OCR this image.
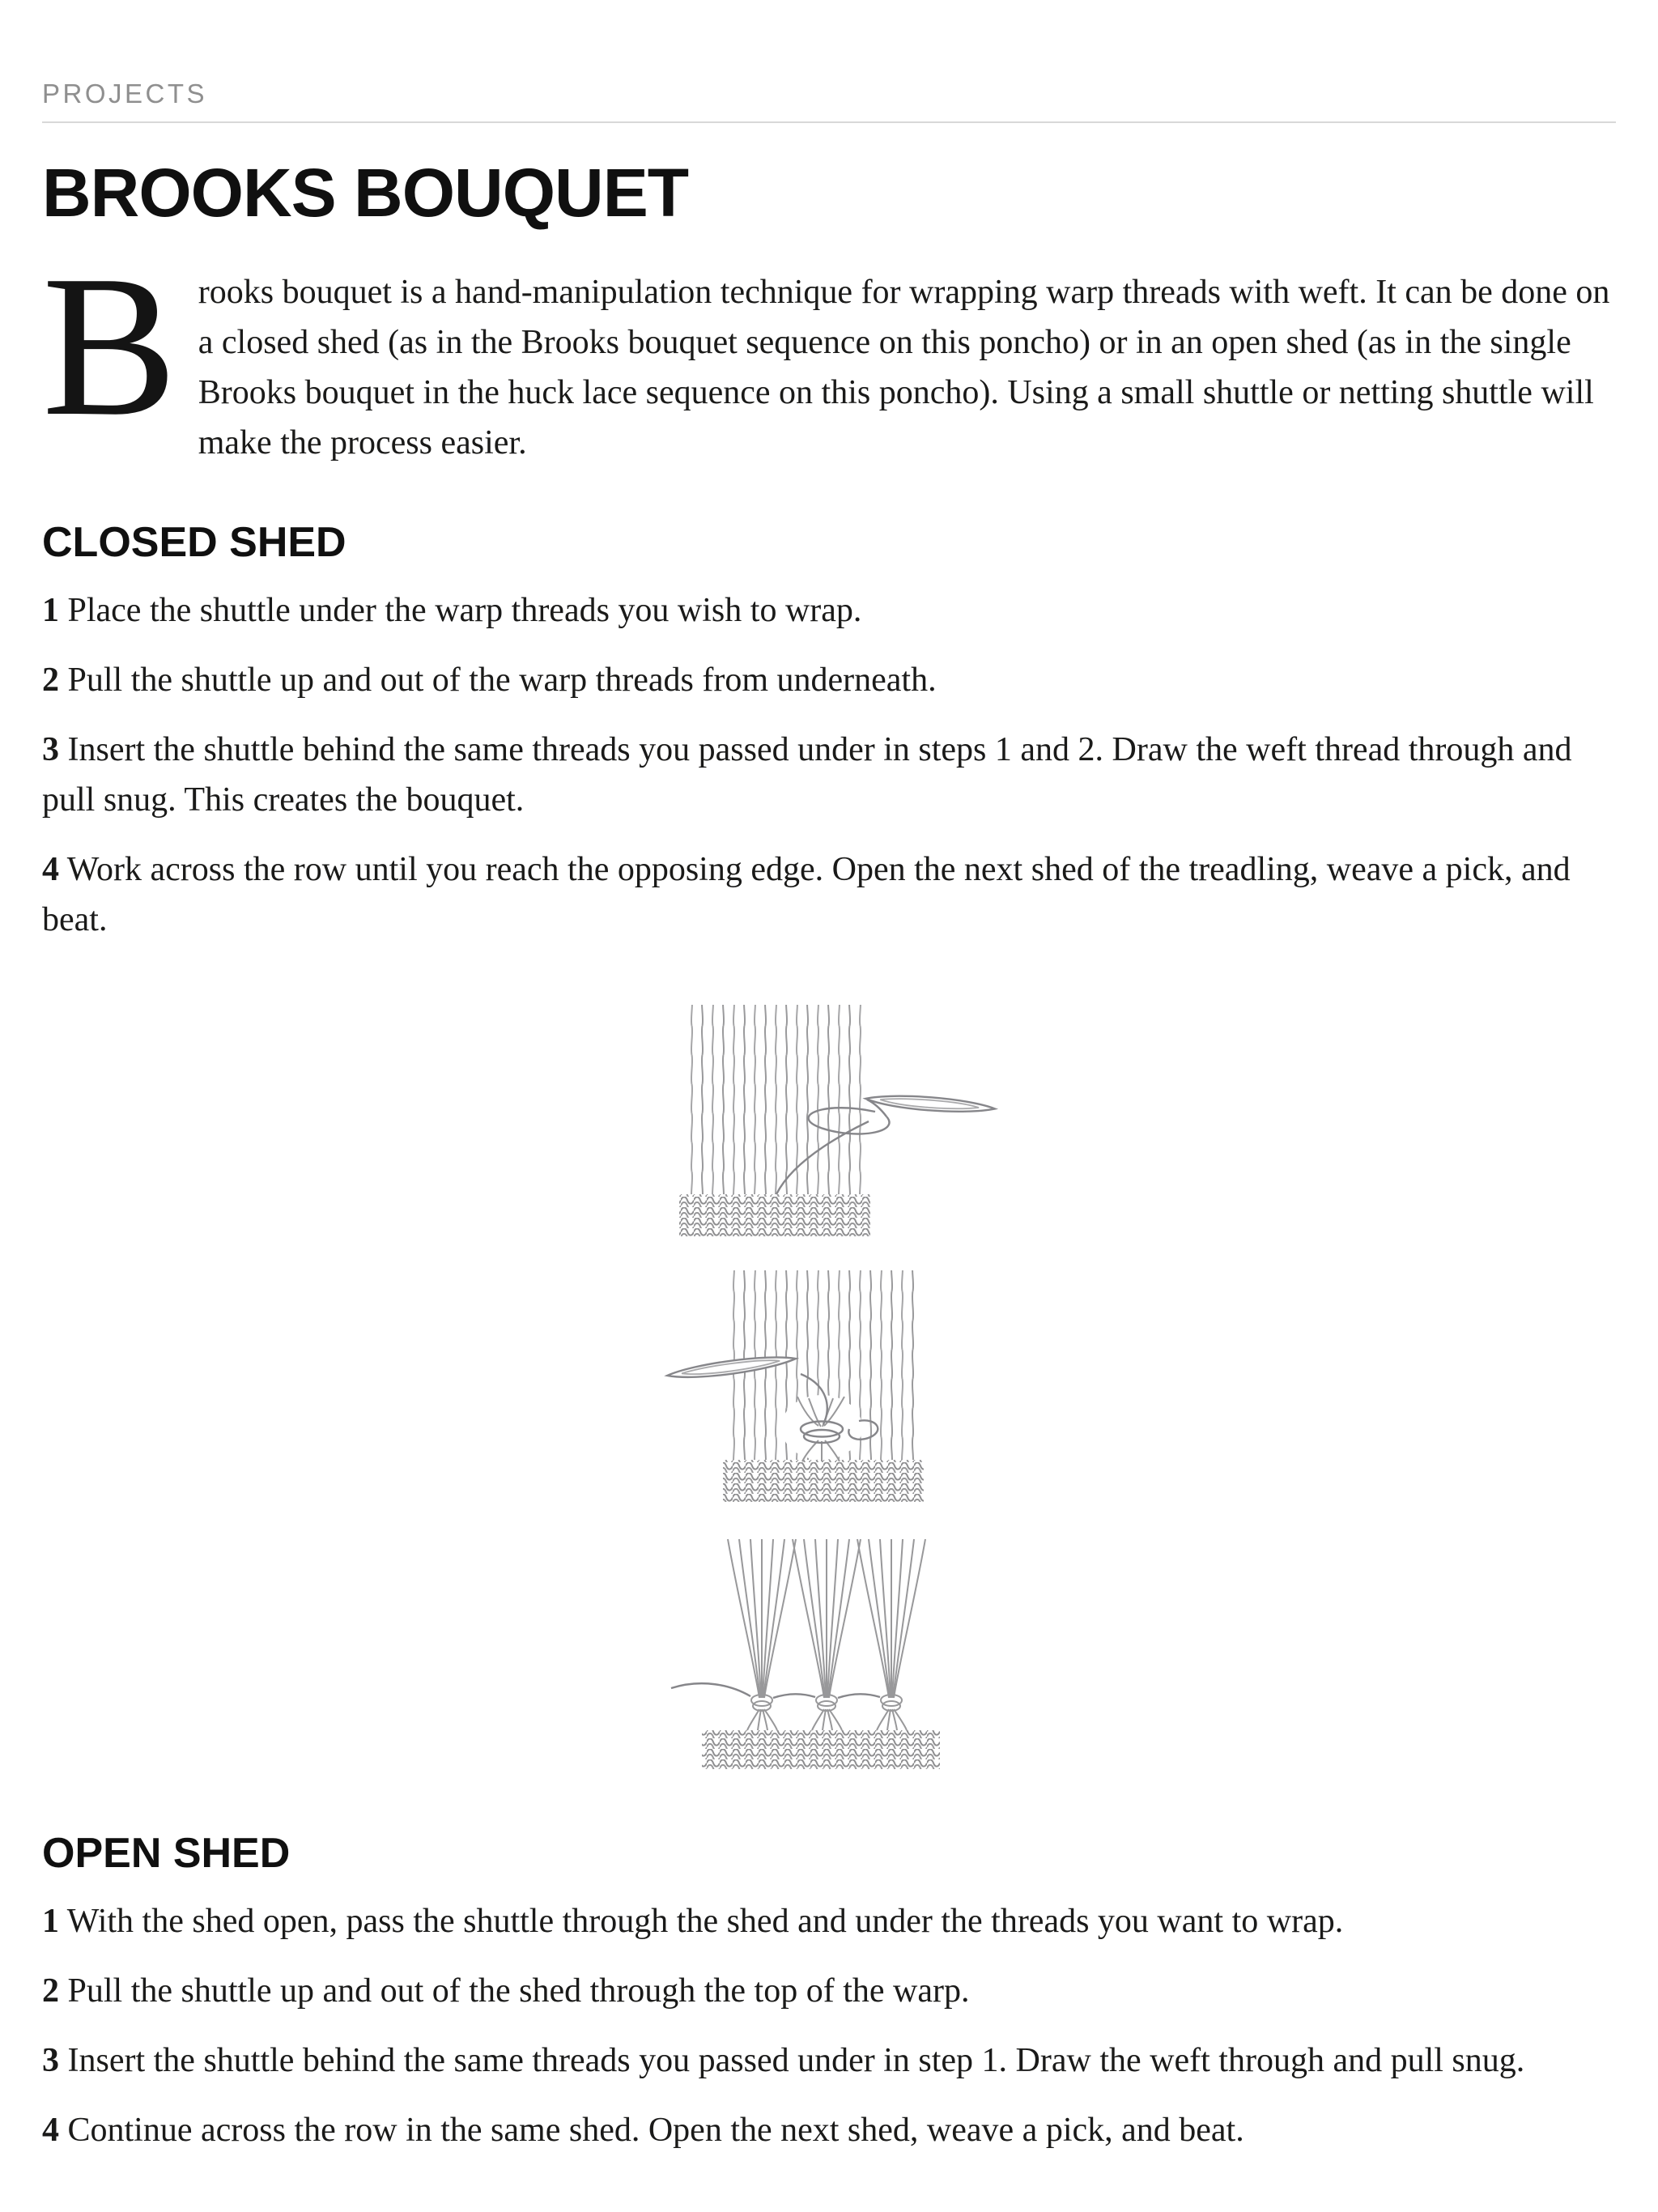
PROJECTS
BROOKS BOUQUET

Brooks bouquet is a hand-manipulation technique for wrapping warp threads with weft. It can be done on a closed shed (as in the Brooks bouquet sequence on this poncho) or in an open shed (as in the single Brooks bouquet in the huck lace sequence on this poncho). Using a small shuttle or netting shuttle will make the process easier.

CLOSED SHED

1 Place the shuttle under the warp threads you wish to wrap.

2 Pull the shuttle up and out of the warp threads from underneath.

3 Insert the shuttle behind the same threads you passed under in steps 1 and 2. Draw the weft thread through and pull snug. This creates the bouquet.

4 Work across the row until you reach the opposing edge. Open the next shed of the treadling, weave a pick, and beat.

OPEN SHED

1 With the shed open, pass the shuttle through the shed and under the threads you want to wrap.

2 Pull the shuttle up and out of the shed through the top of the warp.

3 Insert the shuttle behind the same threads you passed under in step 1. Draw the weft through and pull snug.

4 Continue across the row in the same shed. Open the next shed, weave a pick, and beat.
